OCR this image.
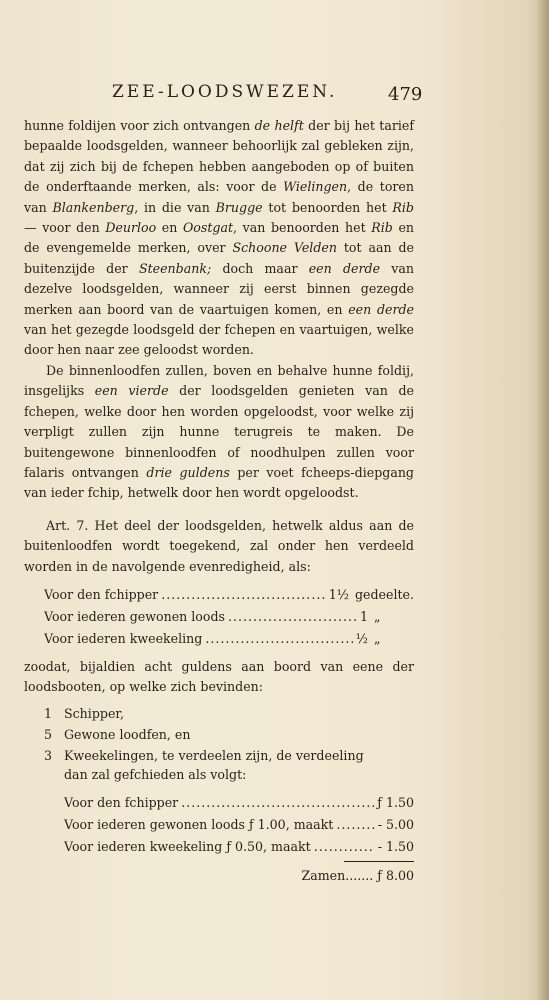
ZEE-LOODSWEZEN.	479

hunne foldijen voor zich ontvangen de helft der bij het tarief bepaalde loodsgelden, wanneer behoorlijk zal gebleken zijn, dat zij zich bij de fchepen hebben aangeboden op of buiten de onderftaande merken, als: voor de Wielingen, de toren van Blankenberg, in die van Brugge tot benoorden het Rib — voor den Deurloo en Oostgat, van benoorden het Rib en de evengemelde merken, over Schoone Velden tot aan de buitenzijde der Steenbank; doch maar een derde van dezelve loodsgelden, wanneer zij eerst binnen gezegde merken aan boord van de vaartuigen komen, en een derde van het gezegde loodsgeld der fchepen en vaartuigen, welke door hen naar zee geloodst worden.

De binnenloodfen zullen, boven en behalve hunne foldij, insgelijks een vierde der loodsgelden genieten van de fchepen, welke door hen worden opgeloodst, voor welke zij verpligt zullen zijn hunne terugreis te maken. De buitengewone binnenloodfen of noodhulpen zullen voor falaris ontvangen drie guldens per voet fcheeps-diepgang van ieder fchip, hetwelk door hen wordt opgeloodst.

Art. 7. Het deel der loodsgelden, hetwelk aldus aan de buitenloodfen wordt toegekend, zal onder hen verdeeld worden in de navolgende evenredigheid, als:

Voor den fchipper .....	1½ gedeelte.
Voor iederen gewonen loods .....	1 „
Voor iederen kweekeling .....	½ „

zoodat, bijaldien acht guldens aan boord van eene der loodsbooten, op welke zich bevinden:

1 Schipper,
5 Gewone loodfen, en
3 Kweekelingen, te verdeelen zijn, de verdeeling
dan zal gefchieden als volgt:
Voor den fchipper .....	ƒ 1.50
Voor iederen gewonen loods ƒ 1.00, maakt .....	- 5.00
Voor iederen kweekeling ƒ 0.50, maakt .....	- 1.50
Zamen....... ƒ 8.00
